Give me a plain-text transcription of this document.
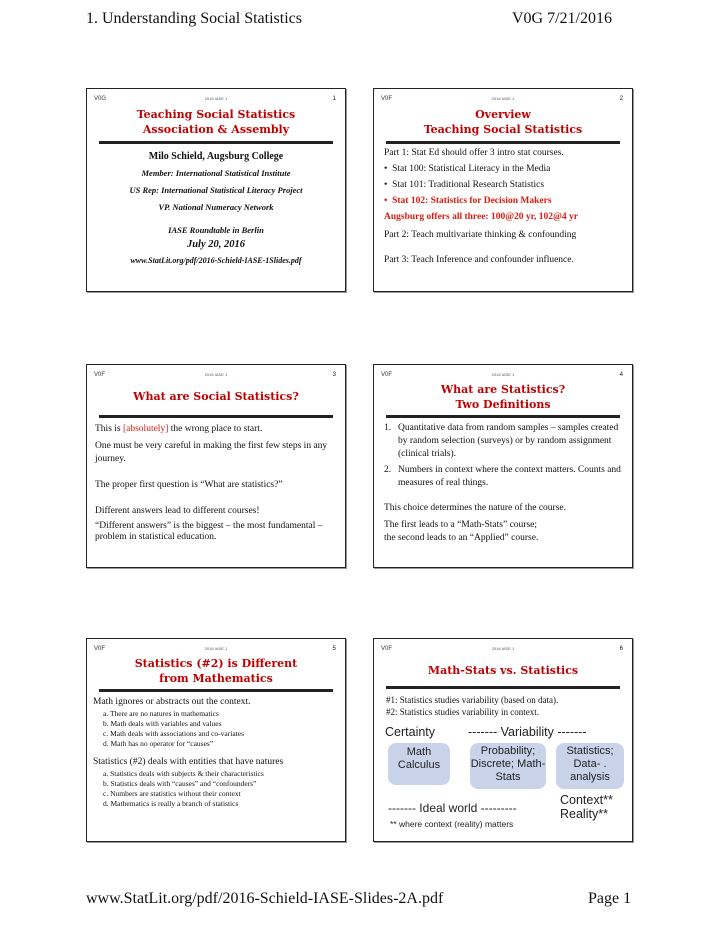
1. Understanding Social Statistics	V0G 7/21/2016
V0G	2016 IASE 1	1
Teaching Social Statistics
Association & Assembly
Milo Schield, Augsburg College
Member: International Statistical Institute
US Rep: International Statistical Literacy Project
VP. National Numeracy Network
IASE Roundtable in Berlin
July 20, 2016
www.StatLit.org/pdf/2016-Schield-IASE-1Slides.pdf
V0F	2016 IASE 1	2
Overview
Teaching Social Statistics

Part 1: Stat Ed should offer 3 intro stat courses.

•  Stat 100: Statistical Literacy in the Media

•  Stat 101: Traditional Research Statistics

•  Stat 102: Statistics for Decision Makers

Augsburg offers all three: 100@20 yr, 102@4 yr

Part 2: Teach multivariate thinking & confounding

Part 3: Teach Inference and confounder influence.

V0F	2016 IASE 1	3
What are Social Statistics?

This is [absolutely] the wrong place to start.

One must be very careful in making the first few steps in any journey.

The proper first question is “What are statistics?”

Different answers lead to different courses!

“Different answers” is the biggest – the most fundamental – problem in statistical education.

V0F	2016 IASE 1	4
What are Statistics?
Two Definitions
1. Quantitative data from random samples – samples created by random selection (surveys) or by random assignment (clinical trials).
2. Numbers in context where the context matters. Counts and measures of real things.

This choice determines the nature of the course.

The first leads to a “Math-Stats” course;

the second leads to an “Applied” course.

V0F	2016 IASE 1	5
Statistics (#2) is Different
from Mathematics

Math ignores or abstracts out the context.

a. There are no natures in mathematics

b. Math deals with variables and values

c. Math deals with associations and co-variates

d. Math has no operator for “causes”

Statistics (#2) deals with entities that have natures

a. Statistics deals with subjects & their characteristics

b. Statistics deals with “causes” and “confounders”

c. Numbers are statistics without their context

d. Mathematics is really a branch of statistics

V0F	2016 IASE 1	6
Math-Stats vs. Statistics

#1: Statistics studies variability (based on data).

#2: Statistics studies variability in context.

Certainty	------- Variability -------
Math Calculus
Probability; Discrete; Math-Stats
Statistics; Data- . analysis
------- Ideal world ---------
Context** Reality**
** where context (reality) matters
www.StatLit.org/pdf/2016-Schield-IASE-Slides-2A.pdf	Page 1
